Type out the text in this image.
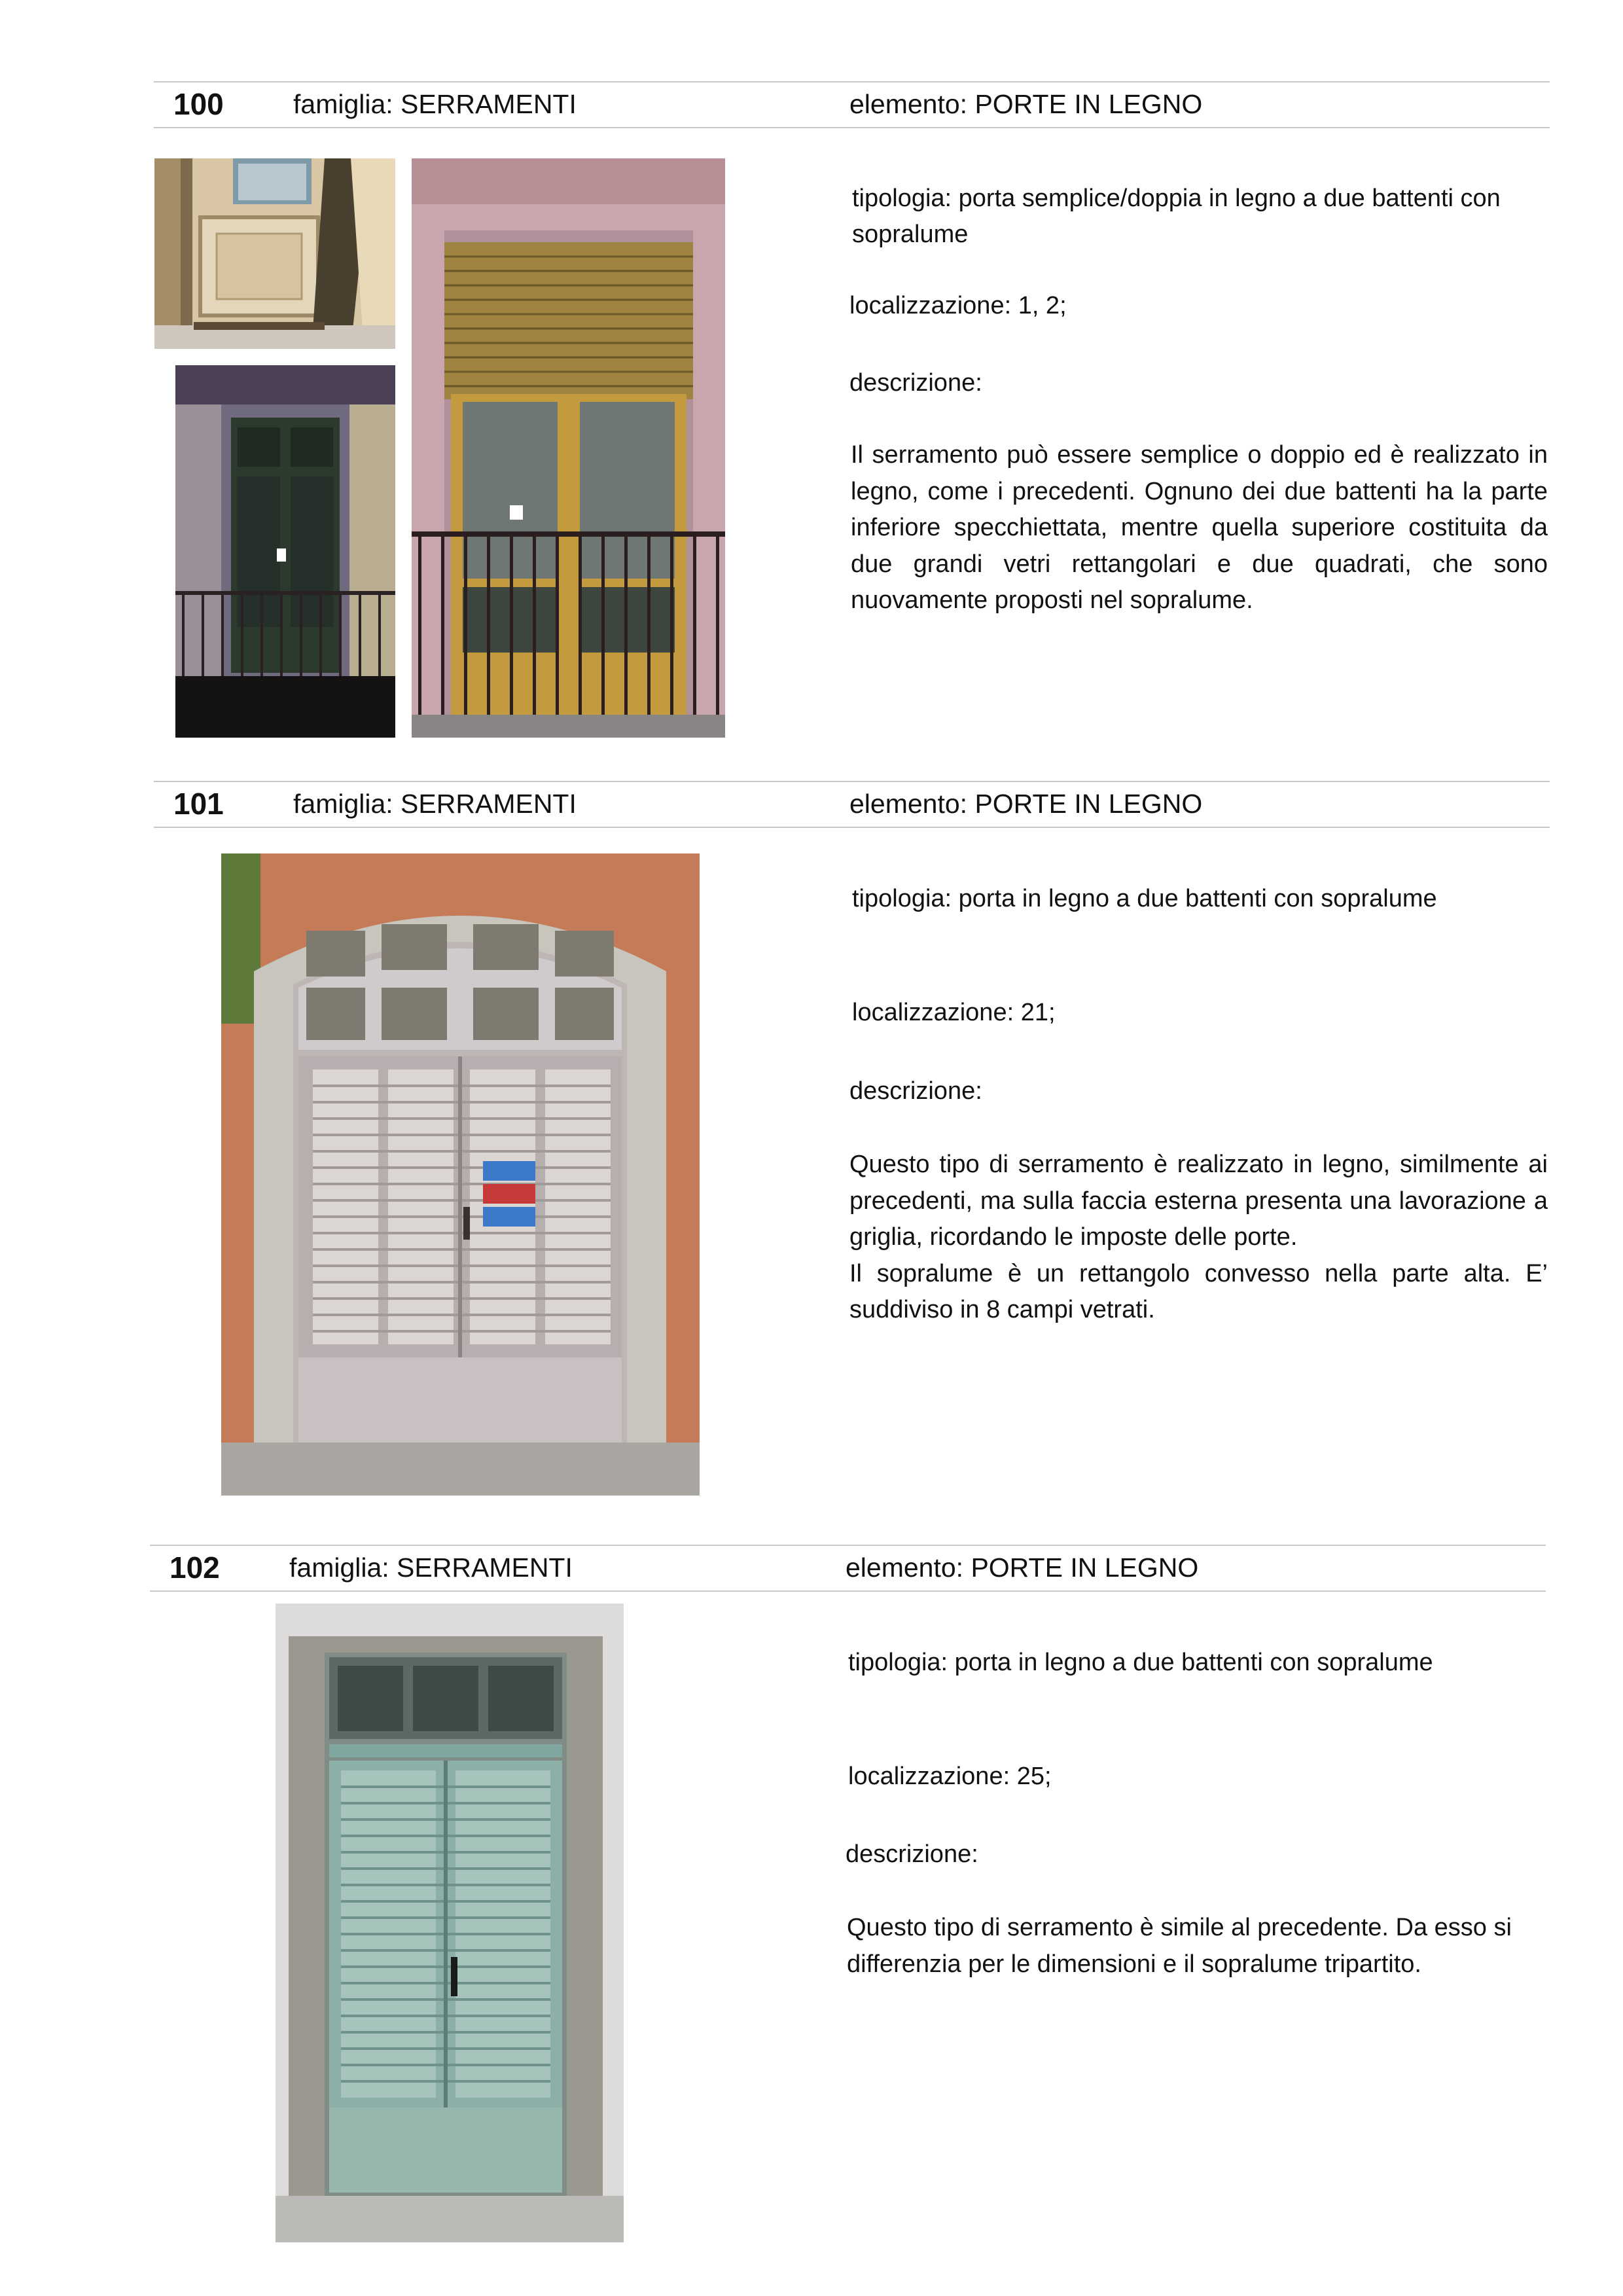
100	famiglia: SERRAMENTI	elemento: PORTE IN LEGNO
tipologia: porta semplice/doppia in legno a due battenti con sopralume
localizzazione: 1, 2;
descrizione:

Il serramento può essere semplice o doppio ed è realizzato in legno, come i precedenti. Ognuno dei due battenti ha la parte inferiore specchiettata, mentre quella superiore costituita da due grandi vetri rettangolari e due quadrati, che sono nuovamente proposti nel sopralume.

101	famiglia: SERRAMENTI	elemento: PORTE IN LEGNO
tipologia: porta in legno a due battenti con sopralume
localizzazione: 21;
descrizione:

Questo tipo di serramento è realizzato in legno, similmente ai precedenti, ma sulla faccia esterna presenta una lavorazione a griglia, ricordando le imposte delle porte.

Il sopralume è un rettangolo convesso nella parte alta. E’ suddiviso in 8 campi vetrati.

102	famiglia: SERRAMENTI	elemento: PORTE IN LEGNO
tipologia: porta in legno a due battenti con sopralume
localizzazione: 25;
descrizione:

Questo tipo di serramento è simile al precedente. Da esso si differenzia per le dimensioni e il sopralume tripartito.
